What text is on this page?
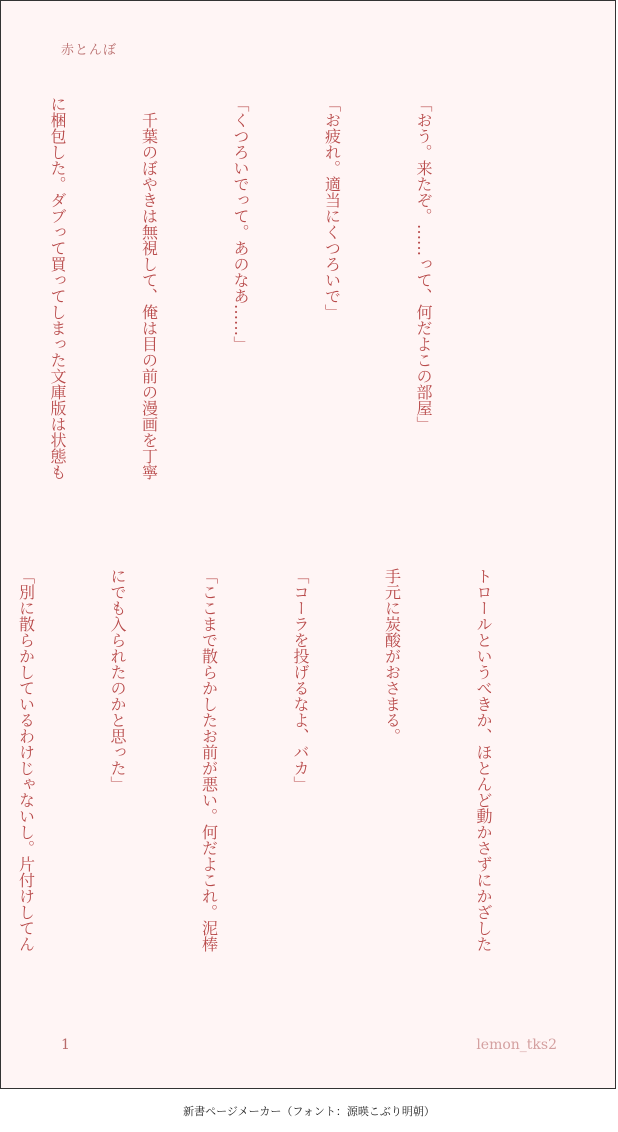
赤とんぼ

「おう。来たぞ。……って、何だよこの部屋」

「お疲れ。適当にくつろいで」

「くつろいでって。あのなあ……」

　千葉のぼやきは無視して、俺は目の前の漫画を丁寧

に梱包した。ダブって買ってしまった文庫版は状態も

トロールというべきか、ほとんど動かさずにかざした

手元に炭酸がおさまる。

「コーラを投げるなよ、バカ」

「ここまで散らかしたお前が悪い。何だよこれ。泥棒

にでも入られたのかと思った」

「別に散らかしているわけじゃないし。片付けしてん

1	lemon_tks2
新書ページメーカー（フォント：源暎こぶり明朝）
